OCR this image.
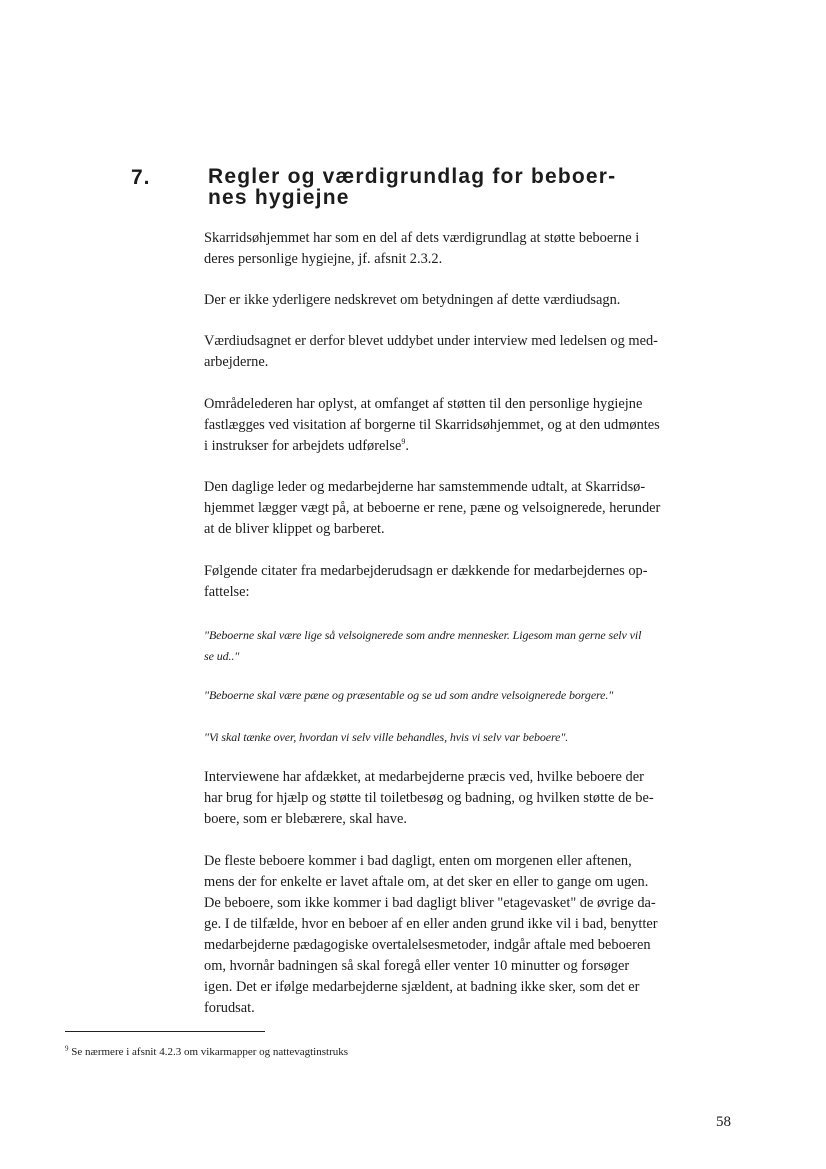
7.	Regler og værdigrundlag for beboer-
nes hygiejne

Skarridsøhjemmet har som en del af dets værdigrundlag at støtte beboerne i
deres personlige hygiejne, jf. afsnit 2.3.2.

Der er ikke yderligere nedskrevet om betydningen af dette værdiudsagn.

Værdiudsagnet er derfor blevet uddybet under interview med ledelsen og med-
arbejderne.

Områdelederen har oplyst, at omfanget af støtten til den personlige hygiejne
fastlægges ved visitation af borgerne til Skarridsøhjemmet, og at den udmøntes
i instrukser for arbejdets udførelse$^9$.

Den daglige leder og medarbejderne har samstemmende udtalt, at Skarridsø-
hjemmet lægger vægt på, at beboerne er rene, pæne og velsoignerede, herunder
at de bliver klippet og barberet.

Følgende citater fra medarbejderudsagn er dækkende for medarbejdernes op-
fattelse:

"Beboerne skal være lige så velsoignerede som andre mennesker. Ligesom man gerne selv vil
se ud.."

"Beboerne skal være pæne og præsentable og se ud som andre velsoignerede borgere."

"Vi skal tænke over, hvordan vi selv ville behandles, hvis vi selv var beboere".

Interviewene har afdækket, at medarbejderne præcis ved, hvilke beboere der
har brug for hjælp og støtte til toiletbesøg og badning, og hvilken støtte de be-
boere, som er blebærere, skal have.

De fleste beboere kommer i bad dagligt, enten om morgenen eller aftenen,
mens der for enkelte er lavet aftale om, at det sker en eller to gange om ugen.
De beboere, som ikke kommer i bad dagligt bliver "etagevasket" de øvrige da-
ge. I de tilfælde, hvor en beboer af en eller anden grund ikke vil i bad, benytter
medarbejderne pædagogiske overtalelsesmetoder, indgår aftale med beboeren
om, hvornår badningen så skal foregå eller venter 10 minutter og forsøger
igen. Det er ifølge medarbejderne sjældent, at badning ikke sker, som det er
forudsat.

$^9$ Se nærmere i afsnit 4.2.3 om vikarmapper og nattevagtinstruks
58
